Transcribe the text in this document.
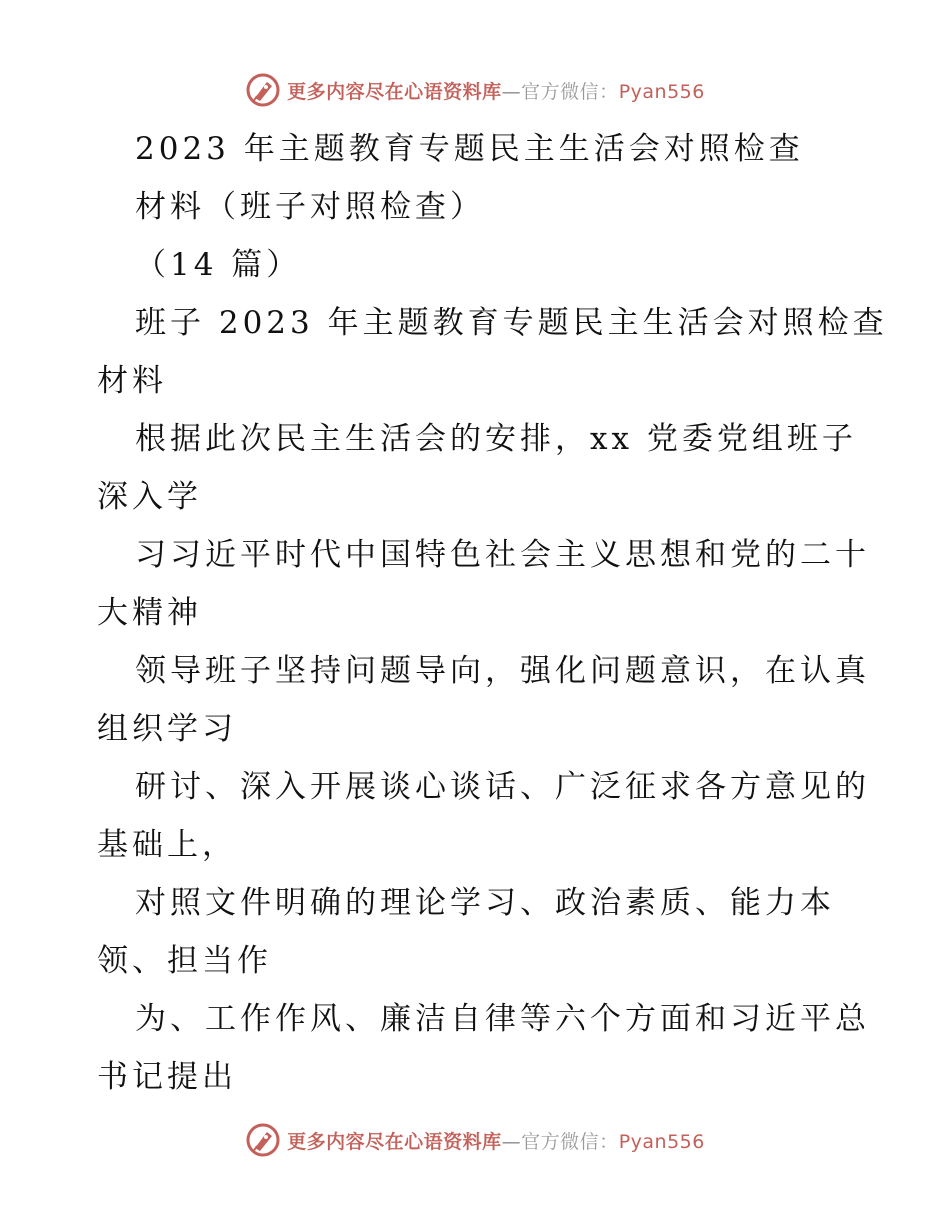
更多内容尽在心语资料库—官方微信：Pyan556
2023 年主题教育专题民主生活会对照检查
材料（班子对照检查）
（14 篇）
班子 2023 年主题教育专题民主生活会对照检查
材料
根据此次民主生活会的安排，xx 党委党组班子
深入学
习习近平时代中国特色社会主义思想和党的二十
大精神
领导班子坚持问题导向，强化问题意识，在认真
组织学习
研讨、深入开展谈心谈话、广泛征求各方意见的
基础上，
对照文件明确的理论学习、政治素质、能力本
领、担当作
为、工作作风、廉洁自律等六个方面和习近平总
书记提出
更多内容尽在心语资料库—官方微信：Pyan556
